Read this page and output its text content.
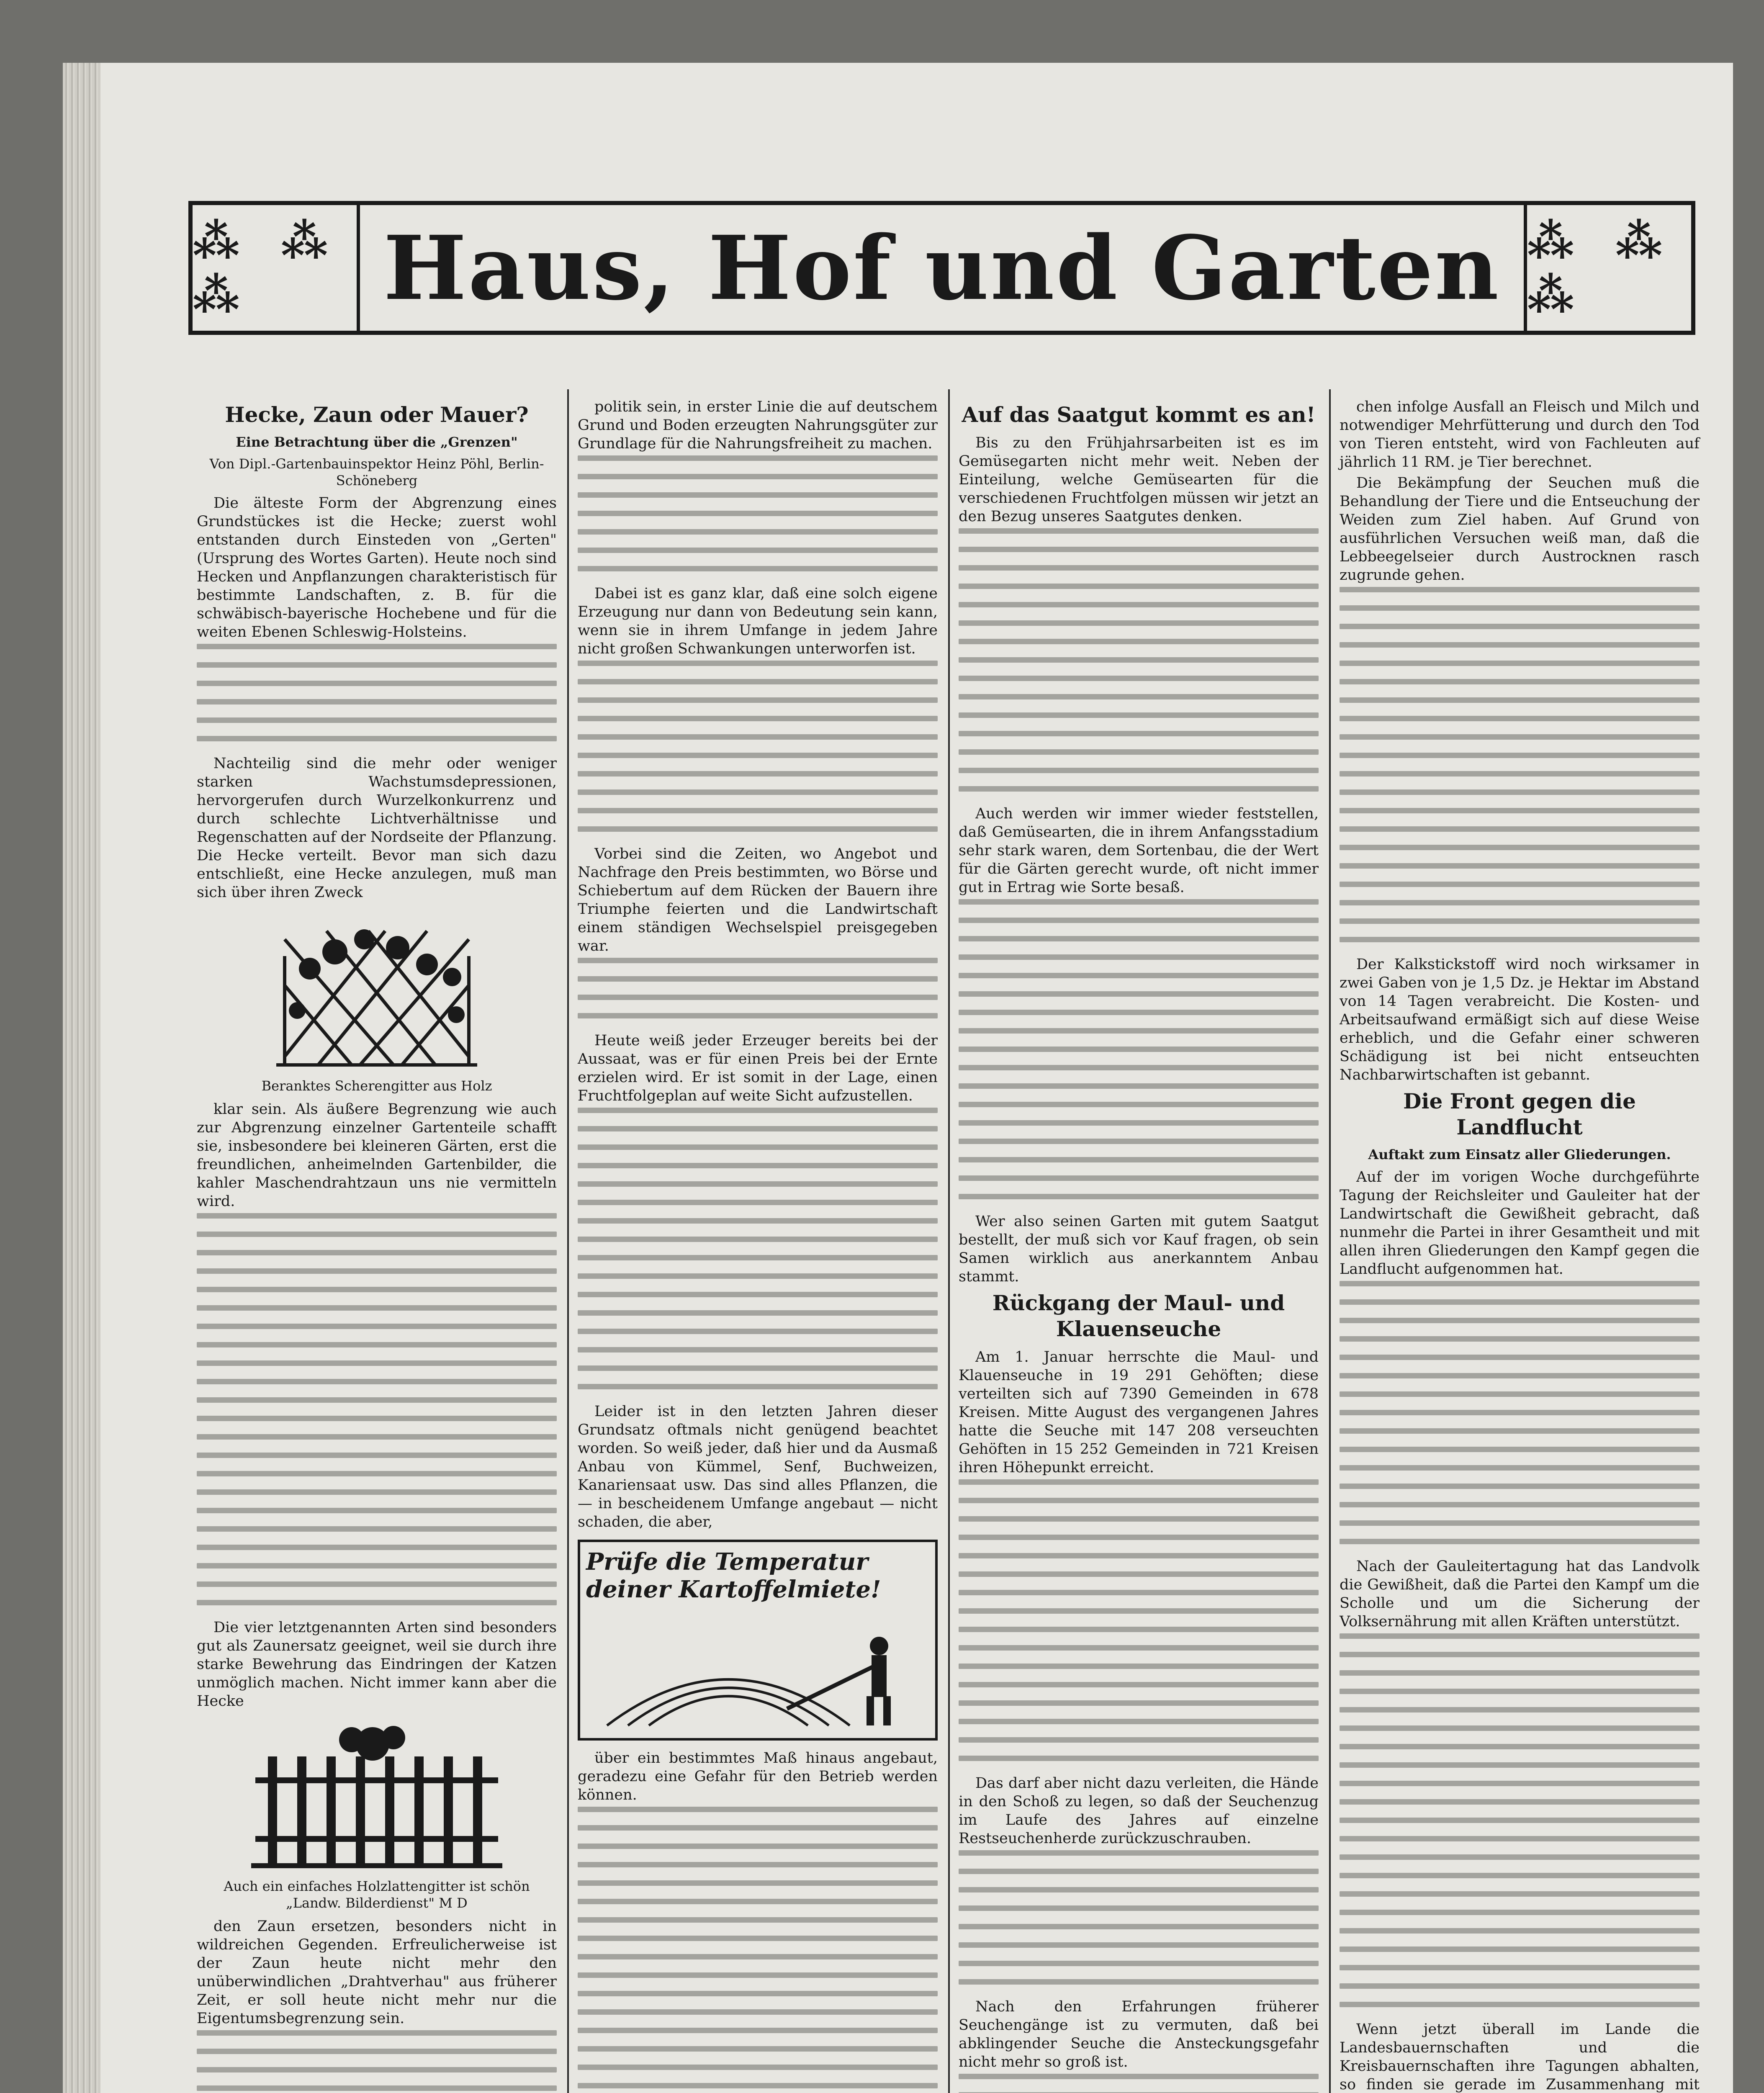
⁂ ⁂ ⁂	Haus, Hof und Garten ⁂ ⁂ ⁂
Hecke, Zaun oder Mauer?
Eine Betrachtung über die „Grenzen"
Von Dipl.-Gartenbauinspektor Heinz Pöhl, Berlin-Schöneberg

Die älteste Form der Abgrenzung eines Grundstückes ist die Hecke; zuerst wohl entstanden durch Einsteden von „Gerten" (Ursprung des Wortes Garten). Heute noch sind Hecken und Anpflanzungen charakteristisch für bestimmte Landschaften, z. B. für die schwäbisch-bayerische Hochebene und für die weiten Ebenen Schleswig-Holsteins.

Nachteilig sind die mehr oder weniger starken Wachstumsdepressionen, hervorgerufen durch Wurzelkonkurrenz und durch schlechte Lichtverhältnisse und Regenschatten auf der Nordseite der Pflanzung. Die Hecke verteilt. Bevor man sich dazu entschließt, eine Hecke anzulegen, muß man sich über ihren Zweck

Beranktes Scherengitter aus Holz

klar sein. Als äußere Begrenzung wie auch zur Abgrenzung einzelner Gartenteile schafft sie, insbesondere bei kleineren Gärten, erst die freundlichen, anheimelnden Gartenbilder, die kahler Maschendrahtzaun uns nie vermitteln wird.

Die vier letztgenannten Arten sind besonders gut als Zaunersatz geeignet, weil sie durch ihre starke Bewehrung das Eindringen der Katzen unmöglich machen. Nicht immer kann aber die Hecke

Auch ein einfaches Holzlattengitter ist schön „Landw. Bilderdienst" M D

den Zaun ersetzen, besonders nicht in wildreichen Gegenden. Erfreulicherweise ist der Zaun heute nicht mehr den unüberwindlichen „Drahtverhau" aus früherer Zeit, er soll heute nicht mehr nur die Eigentumsbegrenzung sein.

politik sein, in erster Linie die auf deutschem Grund und Boden erzeugten Nahrungsgüter zur Grundlage für die Nahrungsfreiheit zu machen.

Dabei ist es ganz klar, daß eine solch eigene Erzeugung nur dann von Bedeutung sein kann, wenn sie in ihrem Umfange in jedem Jahre nicht großen Schwankungen unterworfen ist.

Vorbei sind die Zeiten, wo Angebot und Nachfrage den Preis bestimmten, wo Börse und Schiebertum auf dem Rücken der Bauern ihre Triumphe feierten und die Landwirtschaft einem ständigen Wechselspiel preisgegeben war.

Heute weiß jeder Erzeuger bereits bei der Aussaat, was er für einen Preis bei der Ernte erzielen wird. Er ist somit in der Lage, einen Fruchtfolgeplan auf weite Sicht aufzustellen.

Leider ist in den letzten Jahren dieser Grundsatz oftmals nicht genügend beachtet worden. So weiß jeder, daß hier und da Ausmaß Anbau von Kümmel, Senf, Buchweizen, Kanariensaat usw. Das sind alles Pflanzen, die — in bescheidenem Umfange angebaut — nicht schaden, die aber,

Prüfe die Temperatur deiner Kartoffelmiete!

über ein bestimmtes Maß hinaus angebaut, geradezu eine Gefahr für den Betrieb werden können.

Auf das Saatgut kommt es an!

Bis zu den Frühjahrsarbeiten ist es im Gemüsegarten nicht mehr weit. Neben der Einteilung, welche Gemüsearten für die verschiedenen Fruchtfolgen müssen wir jetzt an den Bezug unseres Saatgutes denken.

Auch werden wir immer wieder feststellen, daß Gemüsearten, die in ihrem Anfangsstadium sehr stark waren, dem Sortenbau, die der Wert für die Gärten gerecht wurde, oft nicht immer gut in Ertrag wie Sorte besaß.

Wer also seinen Garten mit gutem Saatgut bestellt, der muß sich vor Kauf fragen, ob sein Samen wirklich aus anerkanntem Anbau stammt.

Rückgang der Maul- und Klauenseuche

Am 1. Januar herrschte die Maul- und Klauenseuche in 19 291 Gehöften; diese verteilten sich auf 7390 Gemeinden in 678 Kreisen. Mitte August des vergangenen Jahres hatte die Seuche mit 147 208 verseuchten Gehöften in 15 252 Gemeinden in 721 Kreisen ihren Höhepunkt erreicht.

Das darf aber nicht dazu verleiten, die Hände in den Schoß zu legen, so daß der Seuchenzug im Laufe des Jahres auf einzelne Restseuchenherde zurückzuschrauben.

Nach den Erfahrungen früherer Seuchengänge ist zu vermuten, daß bei abklingender Seuche die Ansteckungsgefahr nicht mehr so groß ist.

chen infolge Ausfall an Fleisch und Milch und notwendiger Mehrfütterung und durch den Tod von Tieren entsteht, wird von Fachleuten auf jährlich 11 RM. je Tier berechnet.

Die Bekämpfung der Seuchen muß die Behandlung der Tiere und die Entseuchung der Weiden zum Ziel haben. Auf Grund von ausführlichen Versuchen weiß man, daß die Lebbeegelseier durch Austrocknen rasch zugrunde gehen.

Der Kalkstickstoff wird noch wirksamer in zwei Gaben von je 1,5 Dz. je Hektar im Abstand von 14 Tagen verabreicht. Die Kosten- und Arbeitsaufwand ermäßigt sich auf diese Weise erheblich, und die Gefahr einer schweren Schädigung ist bei nicht entseuchten Nachbarwirtschaften ist gebannt.

Die Front gegen die Landflucht
Auftakt zum Einsatz aller Gliederungen.

Auf der im vorigen Woche durchgeführte Tagung der Reichsleiter und Gauleiter hat der Landwirtschaft die Gewißheit gebracht, daß nunmehr die Partei in ihrer Gesamtheit und mit allen ihren Gliederungen den Kampf gegen die Landflucht aufgenommen hat.

Nach der Gauleitertagung hat das Landvolk die Gewißheit, daß die Partei den Kampf um die Scholle und um die Sicherung der Volksernährung mit allen Kräften unterstützt.

Wenn jetzt überall im Lande die Landesbauernschaften und die Kreisbauernschaften ihre Tagungen abhalten, so finden sie gerade im Zusammenhang mit
